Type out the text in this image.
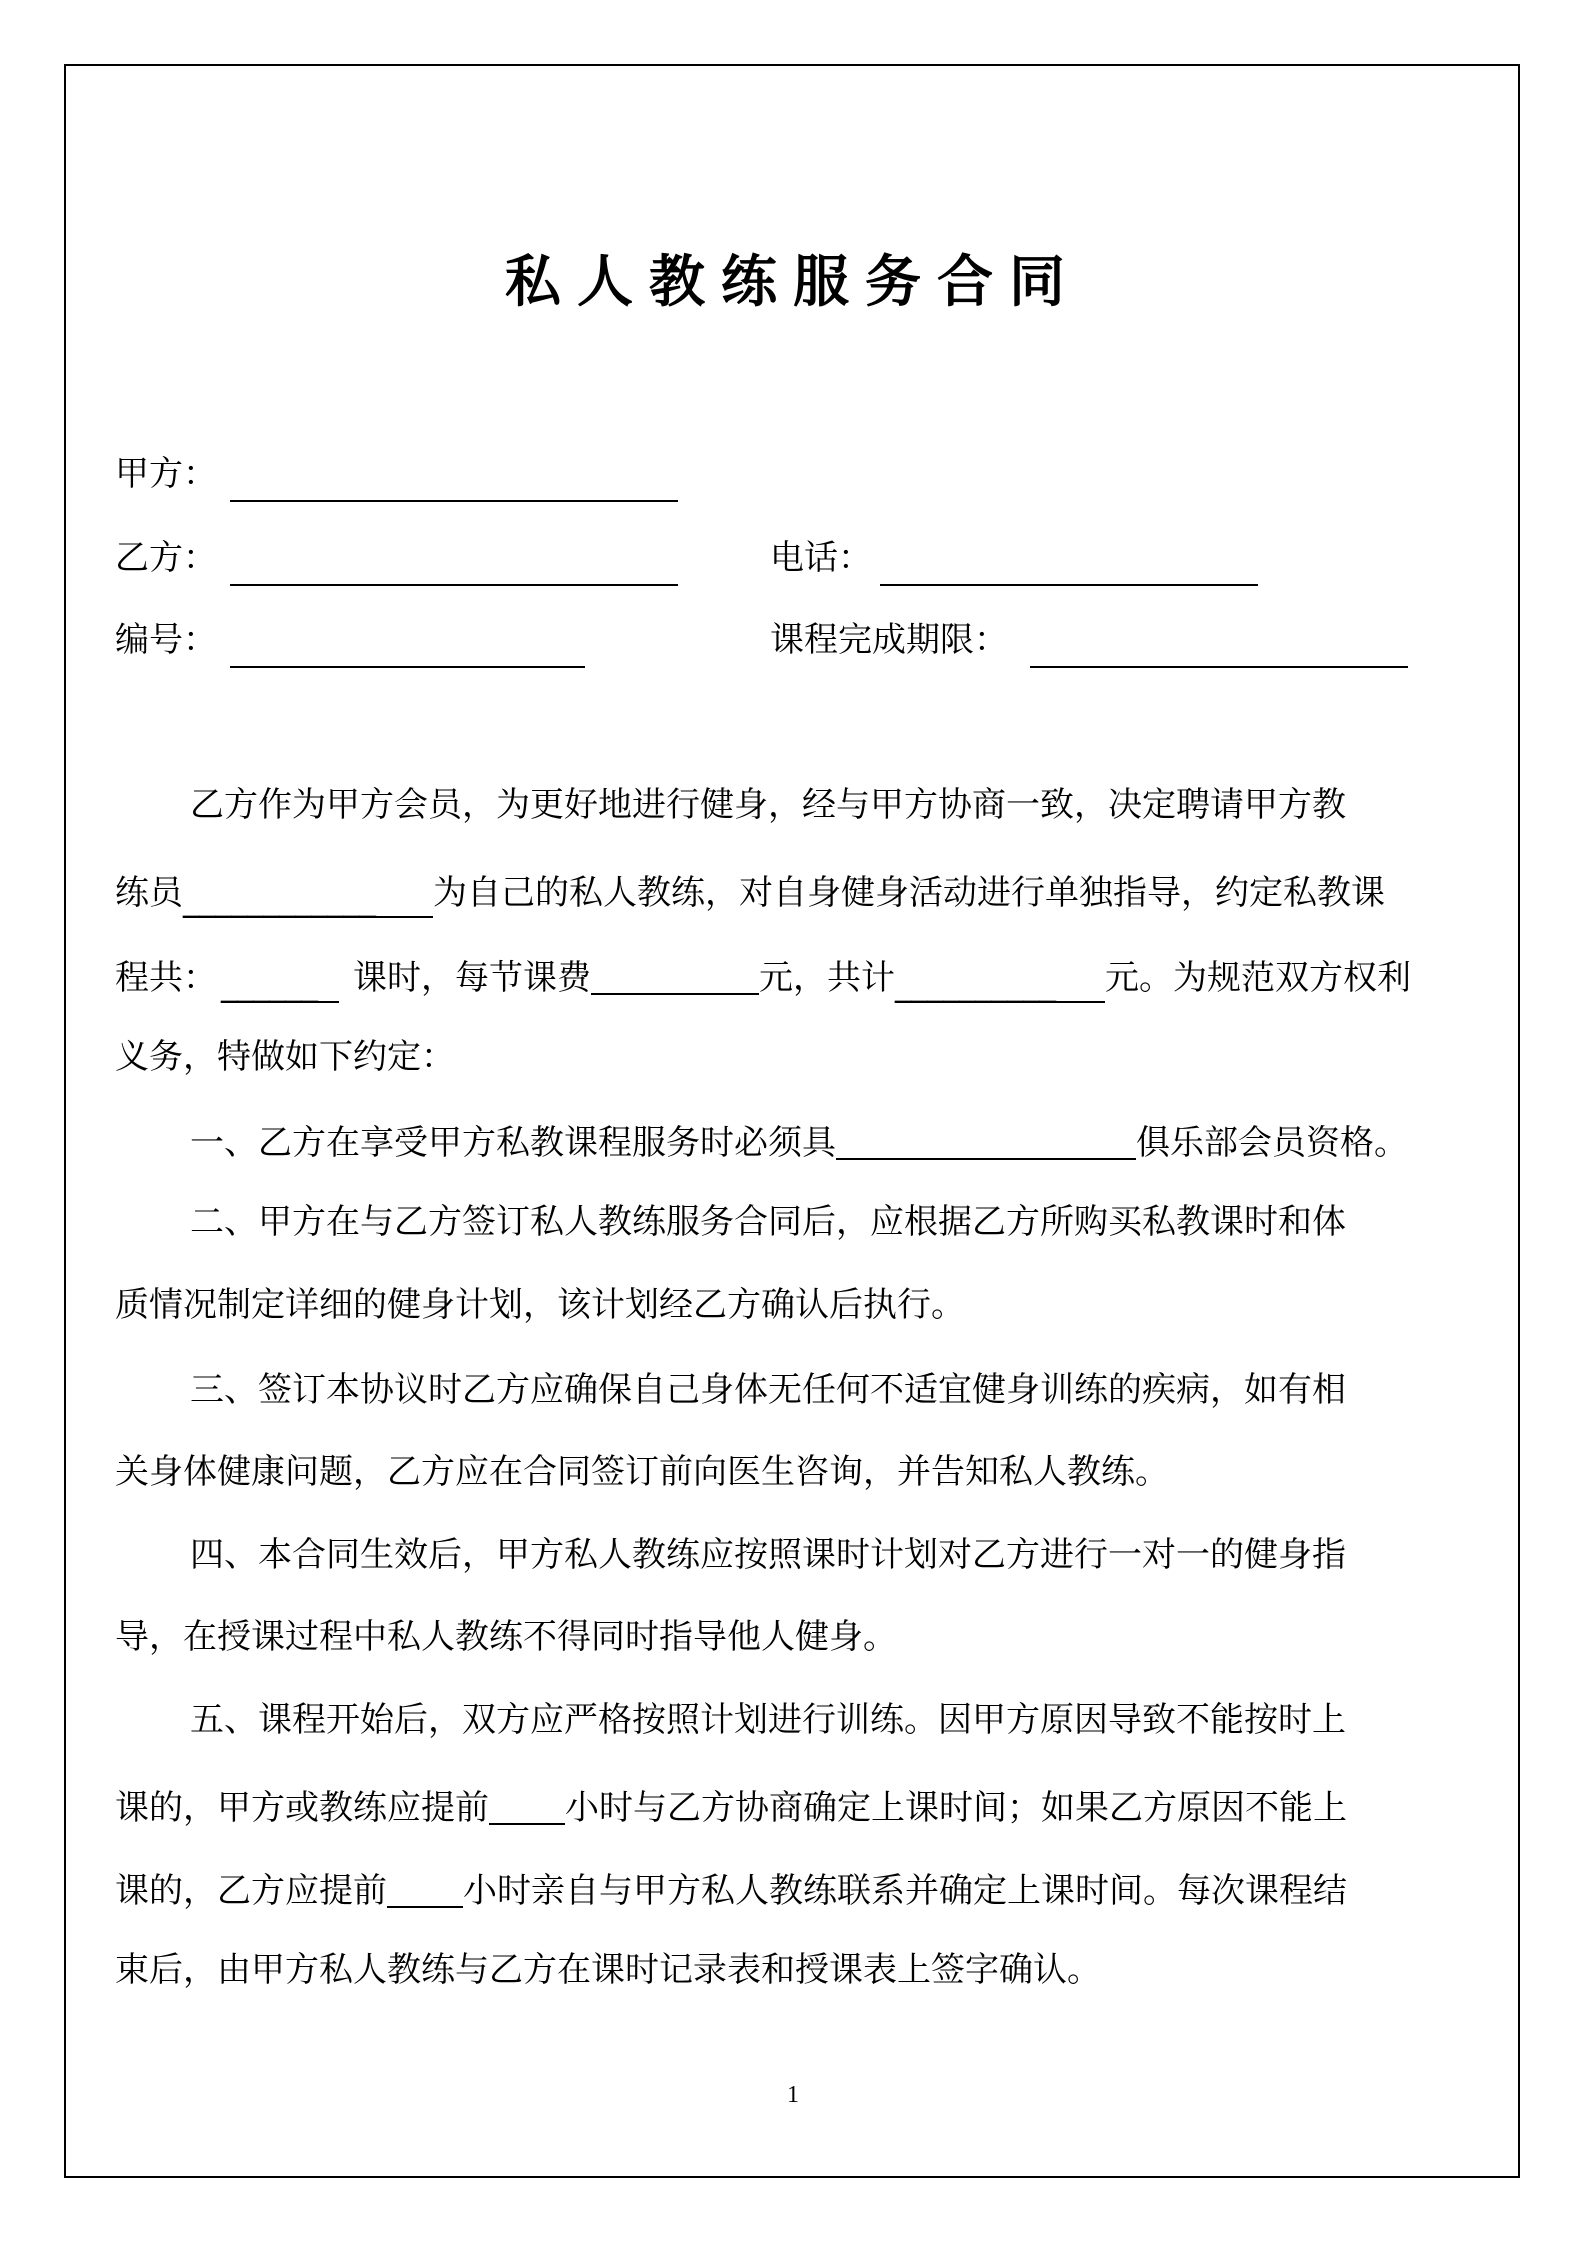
私人教练服务合同
甲方：
乙方：	电话：
编号：	课程完成期限：
乙方作为甲方会员，为更好地进行健身，经与甲方协商一致，决定聘请甲方教
练员____________ 为自己的私人教练，对自身健身活动进行单独指导，约定私教课
程共： ______ 课时，每节课费	元，共计__________ 元。为规范双方权利
义务，特做如下约定：
一、乙方在享受甲方私教课程服务时必须具	俱乐部会员资格。
二、甲方在与乙方签订私人教练服务合同后，应根据乙方所购买私教课时和体
质情况制定详细的健身计划，该计划经乙方确认后执行。
三、签订本协议时乙方应确保自己身体无任何不适宜健身训练的疾病，如有相
关身体健康问题，乙方应在合同签订前向医生咨询，并告知私人教练。
四、本合同生效后，甲方私人教练应按照课时计划对乙方进行一对一的健身指
导，在授课过程中私人教练不得同时指导他人健身。
五、课程开始后，双方应严格按照计划进行训练。因甲方原因导致不能按时上
课的，甲方或教练应提前 小时与乙方协商确定上课时间；如果乙方原因不能上
课的，乙方应提前 小时亲自与甲方私人教练联系并确定上课时间。每次课程结
束后，由甲方私人教练与乙方在课时记录表和授课表上签字确认。
1
